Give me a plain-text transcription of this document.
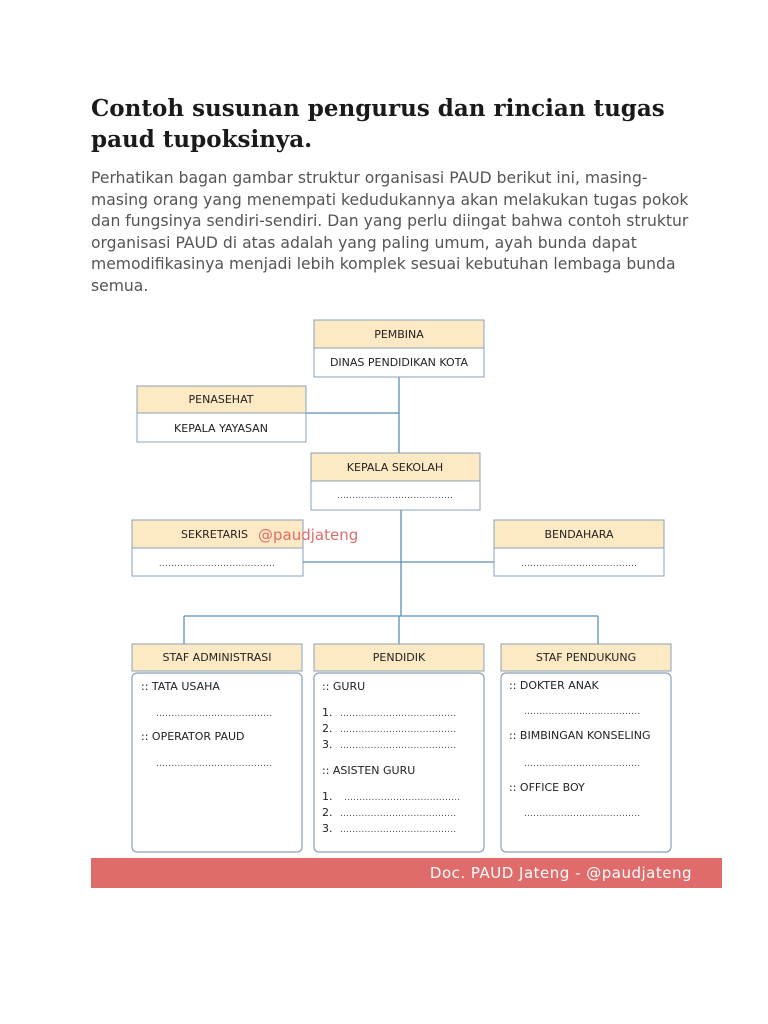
Contoh susunan pengurus dan rincian tugas paud tupoksinya.

Perhatikan bagan gambar struktur organisasi PAUD berikut ini, masing-masing orang yang menempati kedudukannya akan melakukan tugas pokok dan fungsinya sendiri-sendiri. Dan yang perlu diingat bahwa contoh struktur organisasi PAUD di atas adalah yang paling umum, ayah bunda dapat memodifikasinya menjadi lebih komplek sesuai kebutuhan lembaga bunda semua.

PEMBINA
DINAS PENDIDIKAN KOTA
PENASEHAT
KEPALA YAYASAN
KEPALA SEKOLAH
......................................
SEKRETARIS @paudjateng
......................................
BENDAHARA
......................................
STAF ADMINISTRASI
:: TATA USAHA
......................................
:: OPERATOR PAUD
......................................
PENDIDIK
:: GURU
1. ......................................
2. ......................................
3. ......................................
:: ASISTEN GURU
1. ......................................
2. ......................................
3. ......................................
STAF PENDUKUNG
:: DOKTER ANAK
......................................
:: BIMBINGAN KONSELING
......................................
:: OFFICE BOY
......................................
Doc. PAUD Jateng - @paudjateng
